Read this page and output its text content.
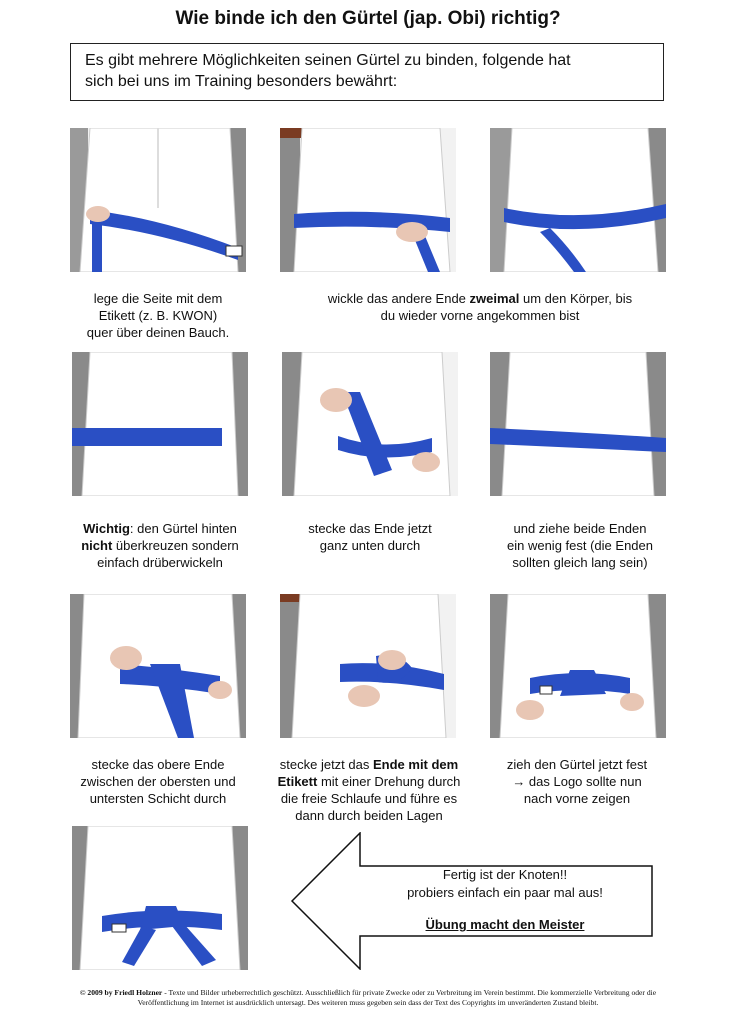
Wie binde ich den Gürtel (jap. Obi) richtig?
Es gibt mehrere Möglichkeiten seinen Gürtel zu binden, folgende hat
sich bei uns im Training besonders bewährt:
lege die Seite mit dem
Etikett (z. B. KWON)
quer über deinen Bauch.
wickle das andere Ende zweimal um den Körper, bis
du wieder vorne angekommen bist
Wichtig: den Gürtel hinten
nicht überkreuzen sondern
einfach drüberwickeln
stecke das Ende jetzt
ganz unten durch
und ziehe beide Enden
ein wenig fest (die Enden
sollten gleich lang sein)
stecke das obere Ende
zwischen der obersten und
untersten Schicht durch
stecke jetzt das Ende mit dem
Etikett mit einer Drehung durch
die freie Schlaufe und führe es
dann durch beiden Lagen
zieh den Gürtel jetzt fest
→ das Logo sollte nun
nach vorne zeigen
Fertig ist der Knoten!!
probiers einfach ein paar mal aus!
Übung macht den Meister
© 2009 by Friedl Holzner - Texte und Bilder urheberrechtlich geschützt. Ausschließlich für private Zwecke oder zu Verbreitung im Verein bestimmt. Die kommerzielle Verbreitung oder die
Veröffentlichung im Internet ist ausdrücklich untersagt. Des weiteren muss gegeben sein dass der Text des Copyrights im unveränderten Zustand bleibt.
